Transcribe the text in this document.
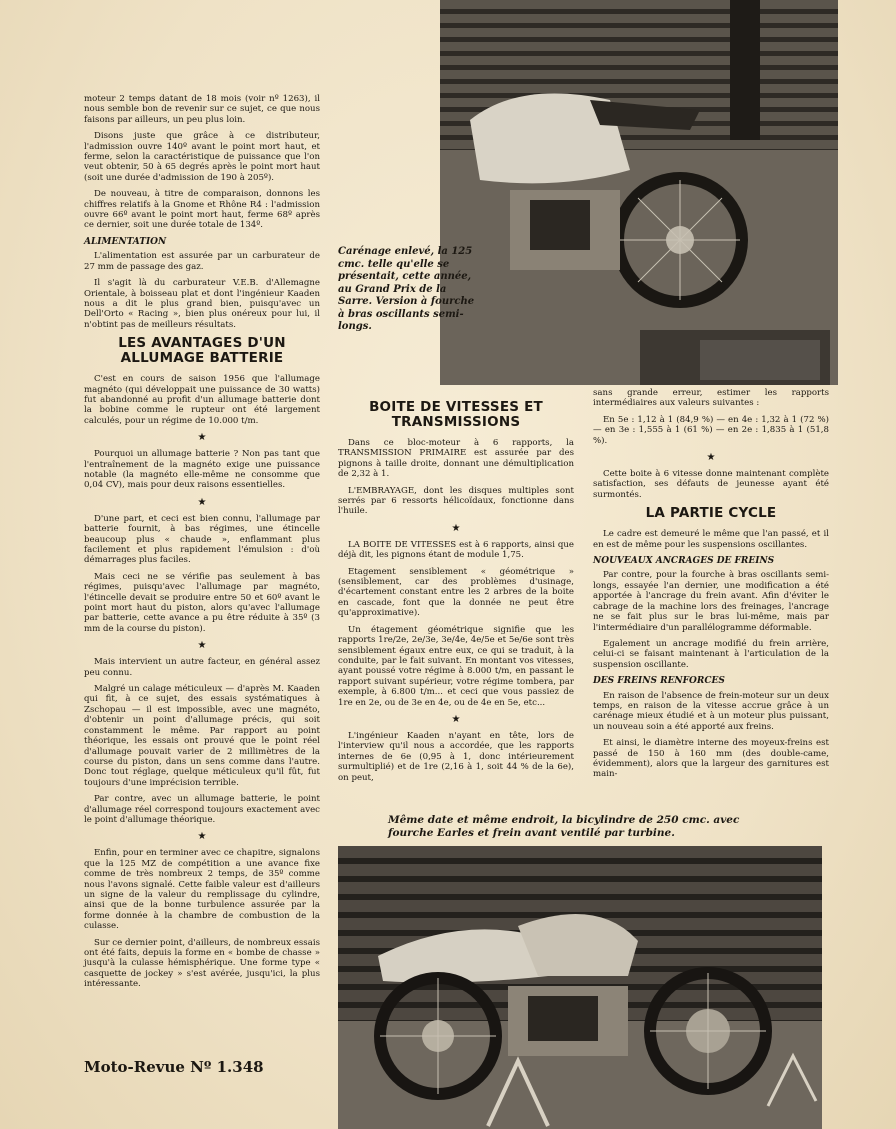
Carénage enlevé, la 125 cmc. telle qu'elle se présentait, cette année, au Grand Prix de la Sarre. Version à fourche à bras oscillants semi-longs.

moteur 2 temps datant de 18 mois (voir nº 1263), il nous semble bon de revenir sur ce sujet, ce que nous faisons par ailleurs, un peu plus loin.

Disons juste que grâce à ce distributeur, l'admission ouvre 140º avant le point mort haut, et ferme, selon la caractéristique de puissance que l'on veut obtenir, 50 à 65 degrés après le point mort haut (soit une durée d'admission de 190 à 205º).

De nouveau, à titre de comparaison, donnons les chiffres relatifs à la Gnome et Rhône R4 : l'admission ouvre 66º avant le point mort haut, ferme 68º après ce dernier, soit une durée totale de 134º.

ALIMENTATION

L'alimentation est assurée par un carburateur de 27 mm de passage des gaz.

Il s'agit là du carburateur V.E.B. d'Allemagne Orientale, à boisseau plat et dont l'ingénieur Kaaden nous a dit le plus grand bien, puisqu'avec un Dell'Orto « Racing », bien plus onéreux pour lui, il n'obtint pas de meilleurs résultats.

LES AVANTAGES D'UN ALLUMAGE BATTERIE

C'est en cours de saison 1956 que l'allumage magnéto (qui développait une puissance de 30 watts) fut abandonné au profit d'un allumage batterie dont la bobine comme le rupteur ont été largement calculés, pour un régime de 10.000 t/m.

★

Pourquoi un allumage batterie ? Non pas tant que l'entraînement de la magnéto exige une puissance notable (la magnéto elle-même ne consomme que 0,04 CV), mais pour deux raisons essentielles.

★

D'une part, et ceci est bien connu, l'allumage par batterie fournit, à bas régimes, une étincelle beaucoup plus « chaude », enflammant plus facilement et plus rapidement l'émulsion : d'où démarrages plus faciles.

Mais ceci ne se vérifie pas seulement à bas régimes, puisqu'avec l'allumage par magnéto, l'étincelle devait se produire entre 50 et 60º avant le point mort haut du piston, alors qu'avec l'allumage par batterie, cette avance a pu être réduite à 35º (3 mm de la course du piston).

★

Mais intervient un autre facteur, en général assez peu connu.

Malgré un calage méticuleux — d'après M. Kaaden qui fit, à ce sujet, des essais systématiques à Zschopau — il est impossible, avec une magnéto, d'obtenir un point d'allumage précis, qui soit constamment le même. Par rapport au point théorique, les essais ont prouvé que le point réel d'allumage pouvait varier de 2 millimètres de la course du piston, dans un sens comme dans l'autre. Donc tout réglage, quelque méticuleux qu'il fût, fut toujours d'une imprécision terrible.

Par contre, avec un allumage batterie, le point d'allumage réel correspond toujours exactement avec le point d'allumage théorique.

★

Enfin, pour en terminer avec ce chapitre, signalons que la 125 MZ de compétition a une avance fixe comme de très nombreux 2 temps, de 35º comme nous l'avons signalé. Cette faible valeur est d'ailleurs un signe de la valeur du remplissage du cylindre, ainsi que de la bonne turbulence assurée par la forme donnée à la chambre de combustion de la culasse.

Sur ce dernier point, d'ailleurs, de nombreux essais ont été faits, depuis la forme en « bombe de chasse » jusqu'à la culasse hémisphérique. Une forme type « casquette de jockey » s'est avérée, jusqu'ici, la plus intéressante.

BOITE DE VITESSES ET TRANSMISSIONS

Dans ce bloc-moteur à 6 rapports, la TRANSMISSION PRIMAIRE est assurée par des pignons à taille droite, donnant une démultiplication de 2,32 à 1.

L'EMBRAYAGE, dont les disques multiples sont serrés par 6 ressorts hélicoïdaux, fonctionne dans l'huile.

★

LA BOITE DE VITESSES est à 6 rapports, ainsi que déjà dit, les pignons étant de module 1,75.

Etagement sensiblement « géométrique » (sensiblement, car des problèmes d'usinage, d'écartement constant entre les 2 arbres de la boite en cascade, font que la donnée ne peut être qu'approximative).

Un étagement géométrique signifie que les rapports 1re/2e, 2e/3e, 3e/4e, 4e/5e et 5e/6e sont très sensiblement égaux entre eux, ce qui se traduit, à la conduite, par le fait suivant. En montant vos vitesses, ayant poussé votre régime à 8.000 t/m, en passant le rapport suivant supérieur, votre régime tombera, par exemple, à 6.800 t/m... et ceci que vous passiez de 1re en 2e, ou de 3e en 4e, ou de 4e en 5e, etc...

★

L'ingénieur Kaaden n'ayant en tête, lors de l'interview qu'il nous a accordée, que les rapports internes de 6e (0,95 à 1, donc intérieurement surmultiplié) et de 1re (2,16 à 1, soit 44 % de la 6e), on peut,

sans grande erreur, estimer les rapports intermédiaires aux valeurs suivantes :

En 5e : 1,12 à 1 (84,9 %) — en 4e : 1,32 à 1 (72 %) — en 3e : 1,555 à 1 (61 %) — en 2e : 1,835 à 1 (51,8 %).

★

Cette boite à 6 vitesse donne maintenant complète satisfaction, ses défauts de jeunesse ayant été surmontés.

LA PARTIE CYCLE

Le cadre est demeuré le même que l'an passé, et il en est de même pour les suspensions oscillantes.

NOUVEAUX ANCRAGES DE FREINS

Par contre, pour la fourche à bras oscillants semi-longs, essayée l'an dernier, une modification a été apportée à l'ancrage du frein avant. Afin d'éviter le cabrage de la machine lors des freinages, l'ancrage ne se fait plus sur le bras lui-même, mais par l'intermédiaire d'un parallélogramme déformable.

Egalement un ancrage modifié du frein arrière, celui-ci se faisant maintenant à l'articulation de la suspension oscillante.

DES FREINS RENFORCES

En raison de l'absence de frein-moteur sur un deux temps, en raison de la vitesse accrue grâce à un carénage mieux étudié et à un moteur plus puissant, un nouveau soin a été apporté aux freins.

Et ainsi, le diamètre interne des moyeux-freins est passé de 150 à 160 mm (des double-came, évidemment), alors que la largeur des garnitures est main-

Même date et même endroit, la bicylindre de 250 cmc. avec fourche Earles et frein avant ventilé par turbine.
Moto-Revue Nº 1.348
